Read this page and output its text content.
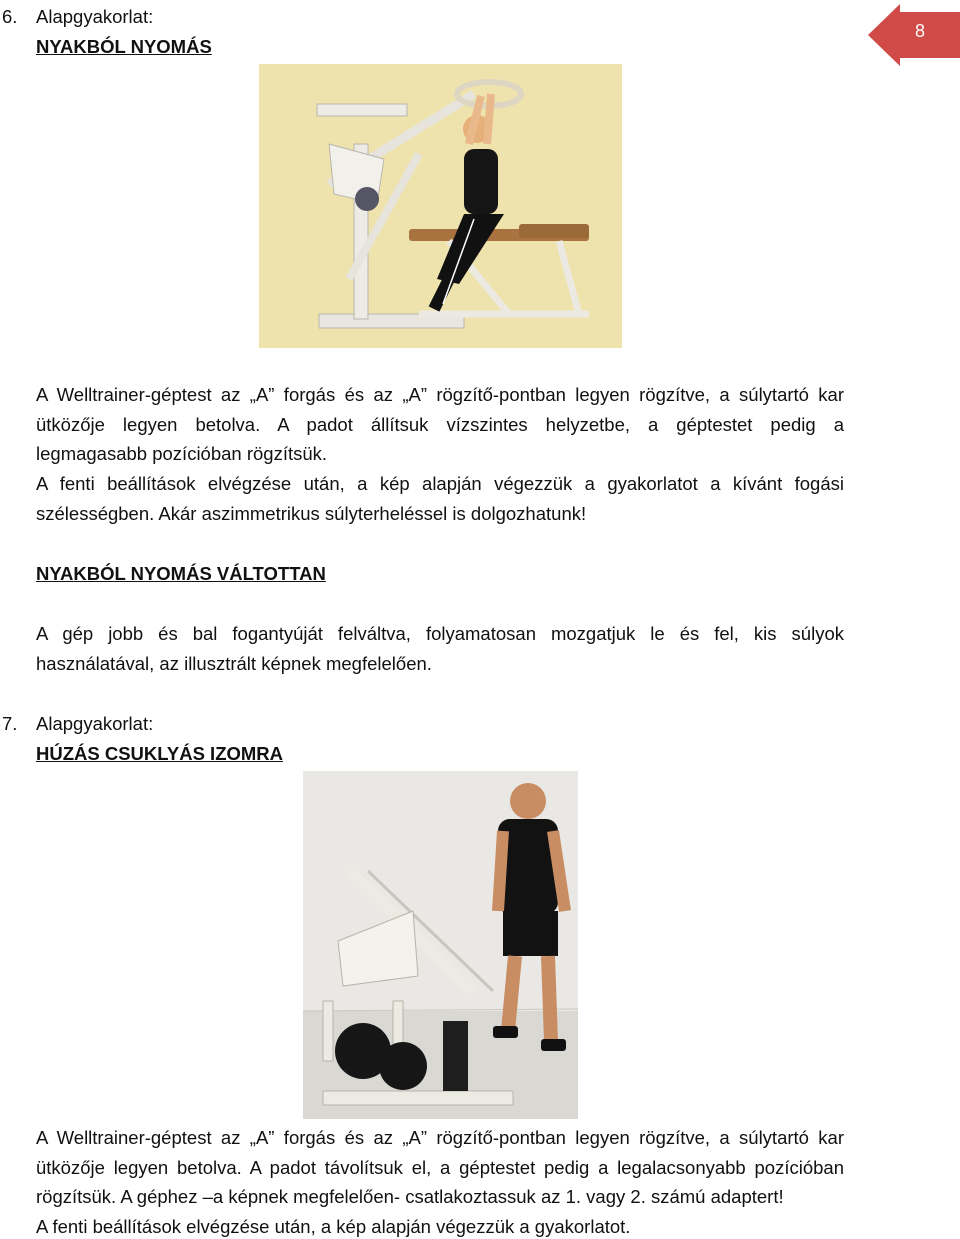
8
6. Alapgyakorlat:
NYAKBÓL NYOMÁS
A Welltrainer-géptest az „A” forgás és az „A” rögzítő-pontban legyen rögzítve, a súlytartó kar
ütközője legyen betolva. A padot állítsuk vízszintes helyzetbe, a géptestet pedig a
legmagasabb pozícióban rögzítsük.
A fenti beállítások elvégzése után, a kép alapján végezzük a gyakorlatot a kívánt fogási
szélességben. Akár aszimmetrikus súlyterheléssel is dolgozhatunk!
NYAKBÓL NYOMÁS VÁLTOTTAN
A gép jobb és bal fogantyúját felváltva, folyamatosan mozgatjuk le és fel, kis súlyok
használatával, az illusztrált képnek megfelelően.
7. Alapgyakorlat:
HÚZÁS CSUKLYÁS IZOMRA
A Welltrainer-géptest az „A” forgás és az „A” rögzítő-pontban legyen rögzítve, a súlytartó kar
ütközője legyen betolva. A padot távolítsuk el, a géptestet pedig a legalacsonyabb pozícióban
rögzítsük. A géphez –a képnek megfelelően- csatlakoztassuk az 1. vagy 2. számú adaptert!
A fenti beállítások elvégzése után, a kép alapján végezzük a gyakorlatot.
